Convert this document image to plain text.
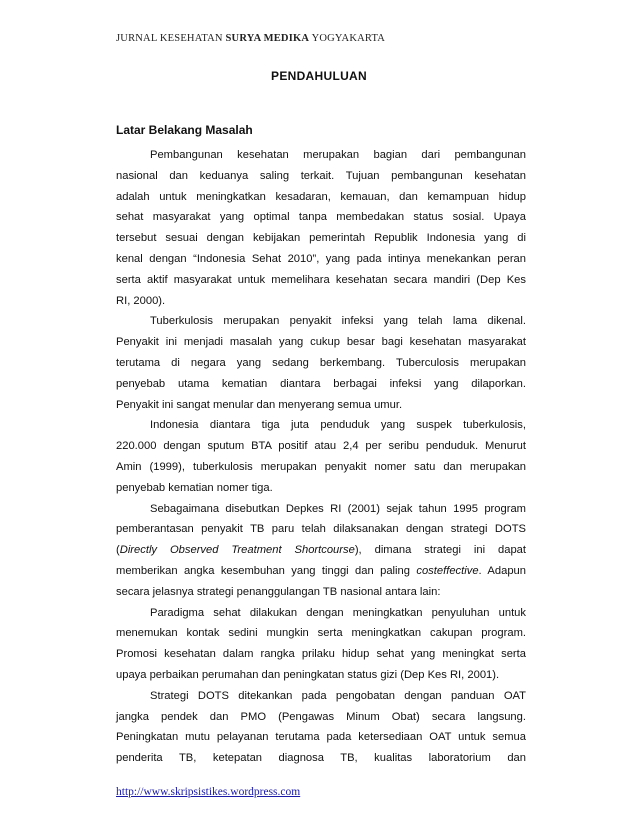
JURNAL KESEHATAN SURYA MEDIKA YOGYAKARTA
PENDAHULUAN
Latar Belakang Masalah
Pembangunan kesehatan merupakan bagian dari pembangunan
nasional dan keduanya saling terkait. Tujuan pembangunan kesehatan
adalah untuk meningkatkan kesadaran, kemauan, dan kemampuan hidup
sehat masyarakat yang optimal tanpa membedakan status sosial. Upaya
tersebut sesuai dengan kebijakan pemerintah Republik Indonesia yang di
kenal dengan “Indonesia Sehat 2010”, yang pada intinya menekankan peran
serta aktif masyarakat untuk memelihara kesehatan secara mandiri (Dep Kes
RI, 2000).
Tuberkulosis merupakan penyakit infeksi yang telah lama dikenal.
Penyakit ini menjadi masalah yang cukup besar bagi kesehatan masyarakat
terutama di negara yang sedang berkembang. Tuberculosis merupakan
penyebab utama kematian diantara berbagai infeksi yang dilaporkan.
Penyakit ini sangat menular dan menyerang semua umur.
Indonesia diantara tiga juta penduduk yang suspek tuberkulosis,
220.000 dengan sputum BTA positif atau 2,4 per seribu penduduk. Menurut
Amin (1999), tuberkulosis merupakan penyakit nomer satu dan merupakan
penyebab kematian nomer tiga.
Sebagaimana disebutkan Depkes RI (2001) sejak tahun 1995 program
pemberantasan penyakit TB paru telah dilaksanakan dengan strategi DOTS
(Directly Observed Treatment Shortcourse), dimana strategi ini dapat
memberikan angka kesembuhan yang tinggi dan paling costeffective. Adapun
secara jelasnya strategi penanggulangan TB nasional antara lain:
Paradigma sehat dilakukan dengan meningkatkan penyuluhan untuk
menemukan kontak sedini mungkin serta meningkatkan cakupan program.
Promosi kesehatan dalam rangka prilaku hidup sehat yang meningkat serta
upaya perbaikan perumahan dan peningkatan status gizi (Dep Kes RI, 2001).
Strategi DOTS ditekankan pada pengobatan dengan panduan OAT
jangka pendek dan PMO (Pengawas Minum Obat) secara langsung.
Peningkatan mutu pelayanan terutama pada ketersediaan OAT untuk semua
penderita TB, ketepatan diagnosa TB, kualitas laboratorium dan
http://www.skripsistikes.wordpress.com
